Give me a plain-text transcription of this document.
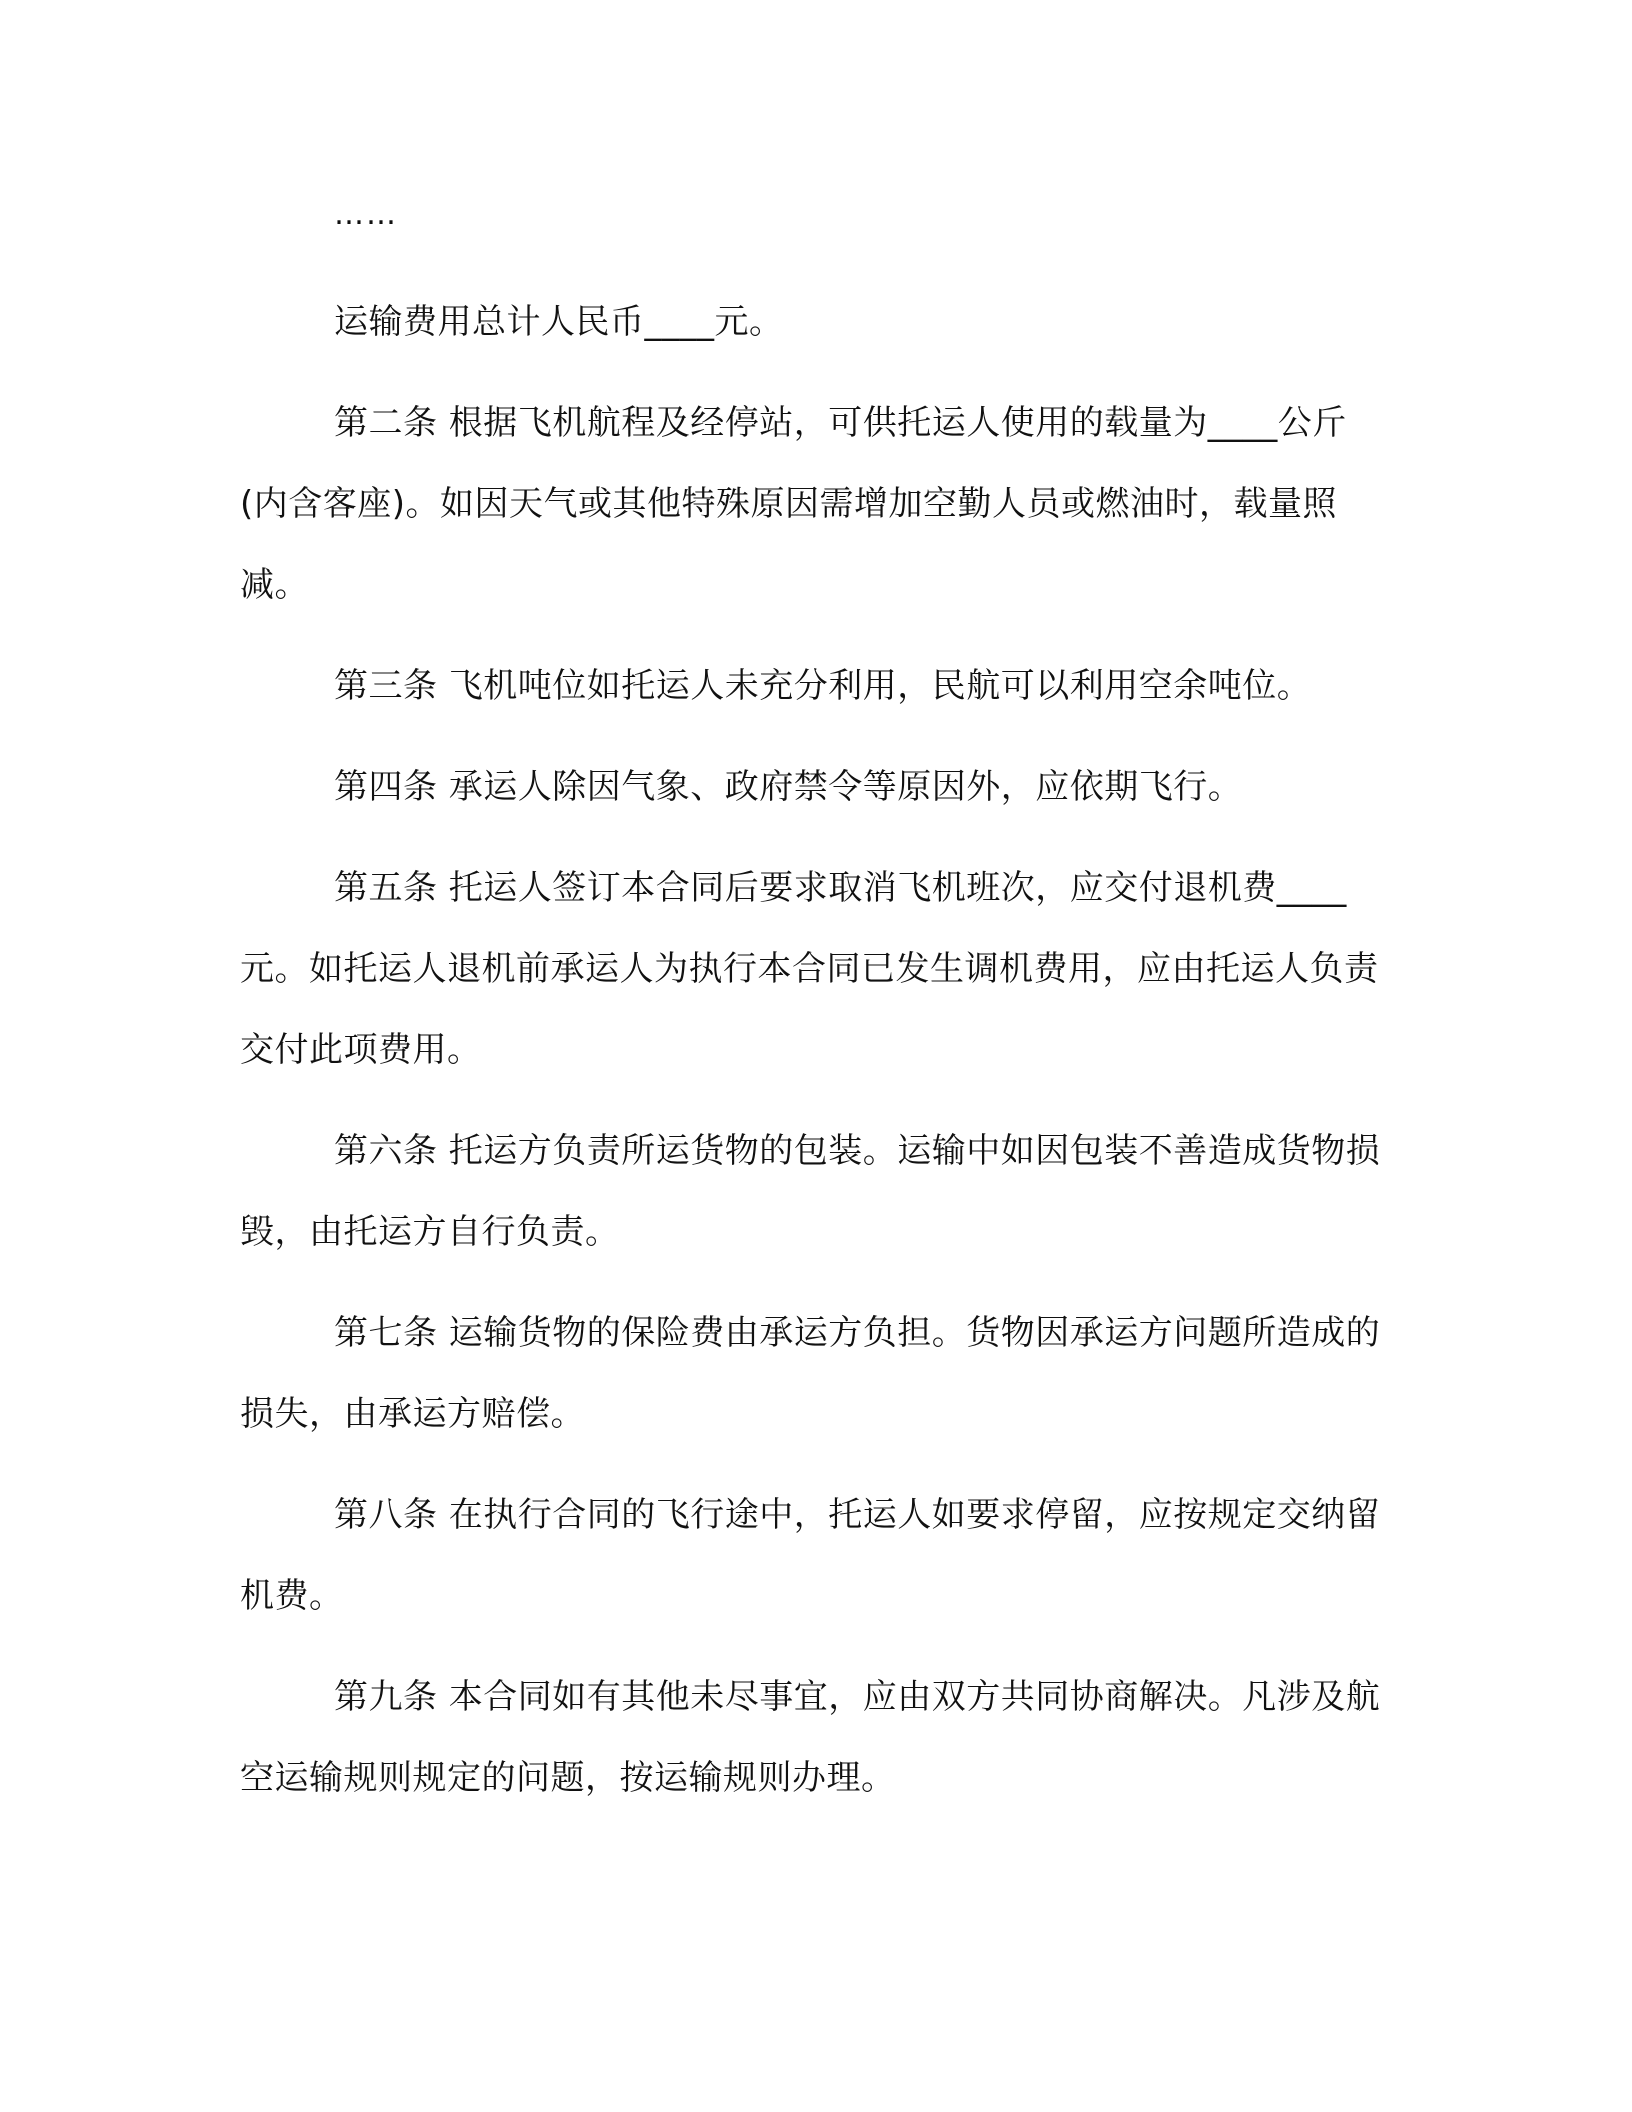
……

运输费用总计人民币____元。

第二条 根据飞机航程及经停站，可供托运人使用的载量为____公斤(内含客座)。如因天气或其他特殊原因需增加空勤人员或燃油时，载量照减。

第三条 飞机吨位如托运人未充分利用，民航可以利用空余吨位。

第四条 承运人除因气象、政府禁令等原因外，应依期飞行。

第五条 托运人签订本合同后要求取消飞机班次，应交付退机费____元。如托运人退机前承运人为执行本合同已发生调机费用，应由托运人负责交付此项费用。

第六条 托运方负责所运货物的包装。运输中如因包装不善造成货物损毁，由托运方自行负责。

第七条 运输货物的保险费由承运方负担。货物因承运方问题所造成的损失，由承运方赔偿。

第八条 在执行合同的飞行途中，托运人如要求停留，应按规定交纳留机费。

第九条 本合同如有其他未尽事宜，应由双方共同协商解决。凡涉及航空运输规则规定的问题，按运输规则办理。
